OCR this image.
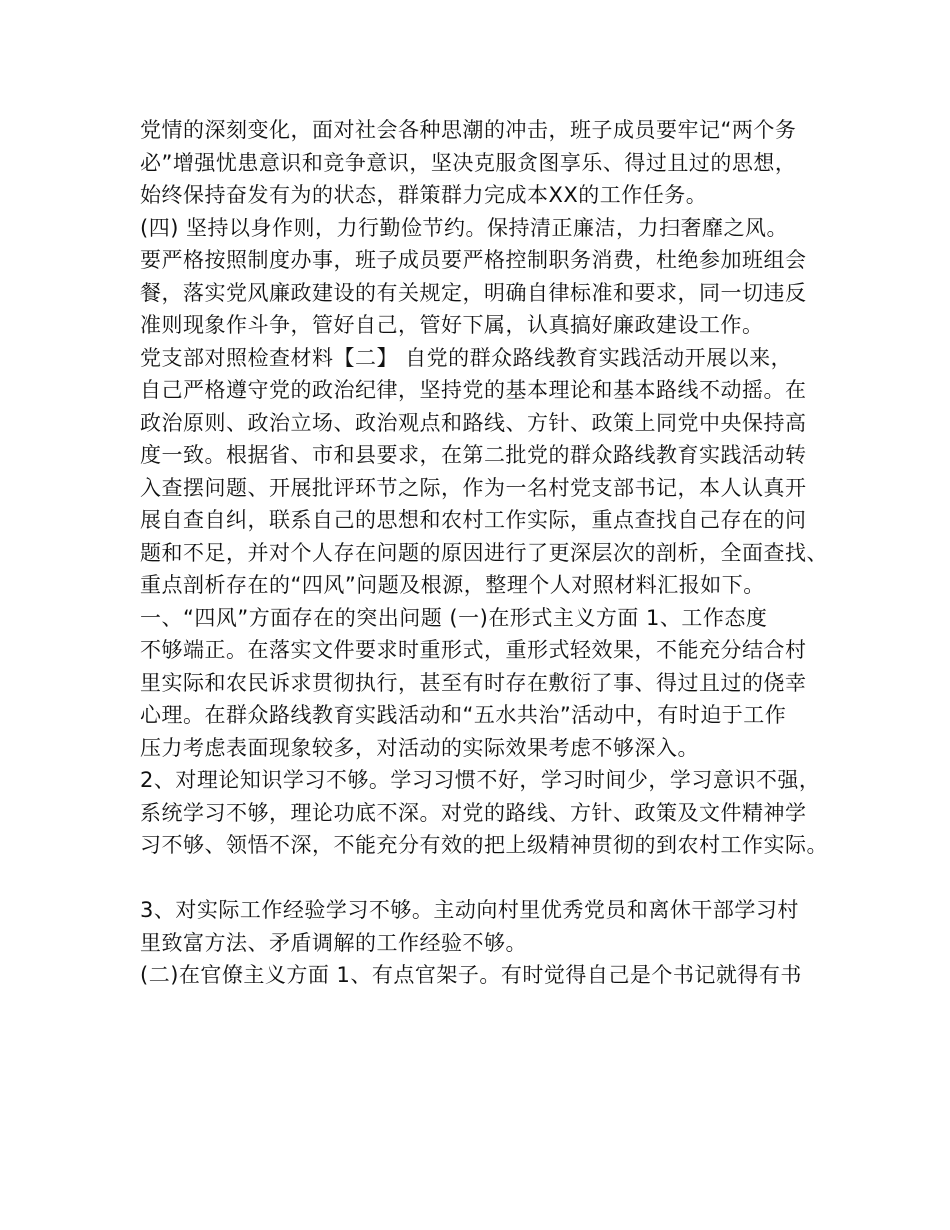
党情的深刻变化，面对社会各种思潮的冲击，班子成员要牢记“两个务
必”增强忧患意识和竞争意识，坚决克服贪图享乐、得过且过的思想，
始终保持奋发有为的状态，群策群力完成本XX的工作任务。
(四) 坚持以身作则，力行勤俭节约。保持清正廉洁，力扫奢靡之风。
要严格按照制度办事，班子成员要严格控制职务消费，杜绝参加班组会
餐，落实党风廉政建设的有关规定，明确自律标准和要求，同一切违反
准则现象作斗争，管好自己，管好下属，认真搞好廉政建设工作。
党支部对照检查材料【二】 自党的群众路线教育实践活动开展以来，
自己严格遵守党的政治纪律，坚持党的基本理论和基本路线不动摇。在
政治原则、政治立场、政治观点和路线、方针、政策上同党中央保持高
度一致。根据省、市和县要求，在第二批党的群众路线教育实践活动转
入查摆问题、开展批评环节之际，作为一名村党支部书记，本人认真开
展自查自纠，联系自己的思想和农村工作实际，重点查找自己存在的问
题和不足，并对个人存在问题的原因进行了更深层次的剖析，全面查找、
重点剖析存在的“四风”问题及根源，整理个人对照材料汇报如下。
一、“四风”方面存在的突出问题 (一)在形式主义方面 1、工作态度
不够端正。在落实文件要求时重形式，重形式轻效果，不能充分结合村
里实际和农民诉求贯彻执行，甚至有时存在敷衍了事、得过且过的侥幸
心理。在群众路线教育实践活动和“五水共治”活动中，有时迫于工作
压力考虑表面现象较多，对活动的实际效果考虑不够深入。
2、对理论知识学习不够。学习习惯不好，学习时间少，学习意识不强，
系统学习不够，理论功底不深。对党的路线、方针、政策及文件精神学
习不够、领悟不深，不能充分有效的把上级精神贯彻的到农村工作实际。
3、对实际工作经验学习不够。主动向村里优秀党员和离休干部学习村
里致富方法、矛盾调解的工作经验不够。
(二)在官僚主义方面 1、有点官架子。有时觉得自己是个书记就得有书
